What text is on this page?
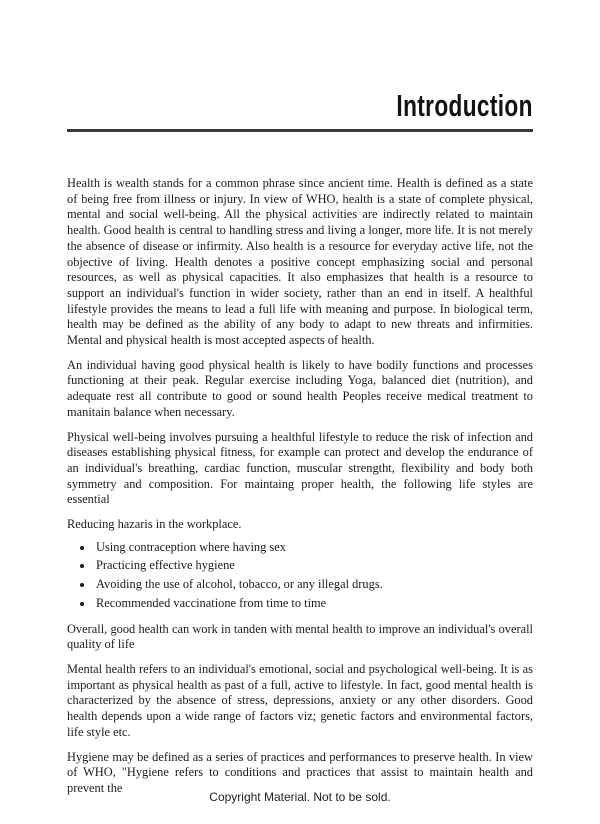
Introduction

Health is wealth stands for a common phrase since ancient time. Health is defined as a state of being free from illness or injury. In view of WHO, health is a state of complete physical, mental and social well-being. All the physical activities are indirectly related to maintain health. Good health is central to handling stress and living a longer, more life. It is not merely the absence of disease or infirmity. Also health is a resource for everyday active life, not the objective of living. Health denotes a positive concept emphasizing social and personal resources, as well as physical capacities. It also emphasizes that health is a resource to support an individual's function in wider society, rather than an end in itself. A healthful lifestyle provides the means to lead a full life with meaning and purpose. In biological term, health may be defined as the ability of any body to adapt to new threats and infirmities. Mental and physical health is most accepted aspects of health.

An individual having good physical health is likely to have bodily functions and processes functioning at their peak. Regular exercise including Yoga, balanced diet (nutrition), and adequate rest all contribute to good or sound health Peoples receive medical treatment to manitain balance when necessary.

Physical well-being involves pursuing a healthful lifestyle to reduce the risk of infection and diseases establishing physical fitness, for example can protect and develop the endurance of an individual's breathing, cardiac function, muscular strengtht, flexibility and body both symmetry and composition. For maintaing proper health, the following life styles are essential

Reducing hazaris in the workplace.

• Using contraception where having sex
• Practicing effective hygiene
• Avoiding the use of alcohol, tobacco, or any illegal drugs.
• Recommended vaccinatione from time to time

Overall, good health can work in tanden with mental health to improve an individual's overall quality of life

Mental health refers to an individual's emotional, social and psychological well-being. It is as important as physical health as past of a full, active to lifestyle. In fact, good mental health is characterized by the absence of stress, depressions, anxiety or any other disorders. Good health depends upon a wide range of factors viz; genetic factors and environmental factors, life style etc.

Hygiene may be defined as a series of practices and performances to preserve health. In view of WHO, "Hygiene refers to conditions and practices that assist to maintain health and prevent the

Copyright Material. Not to be sold.
